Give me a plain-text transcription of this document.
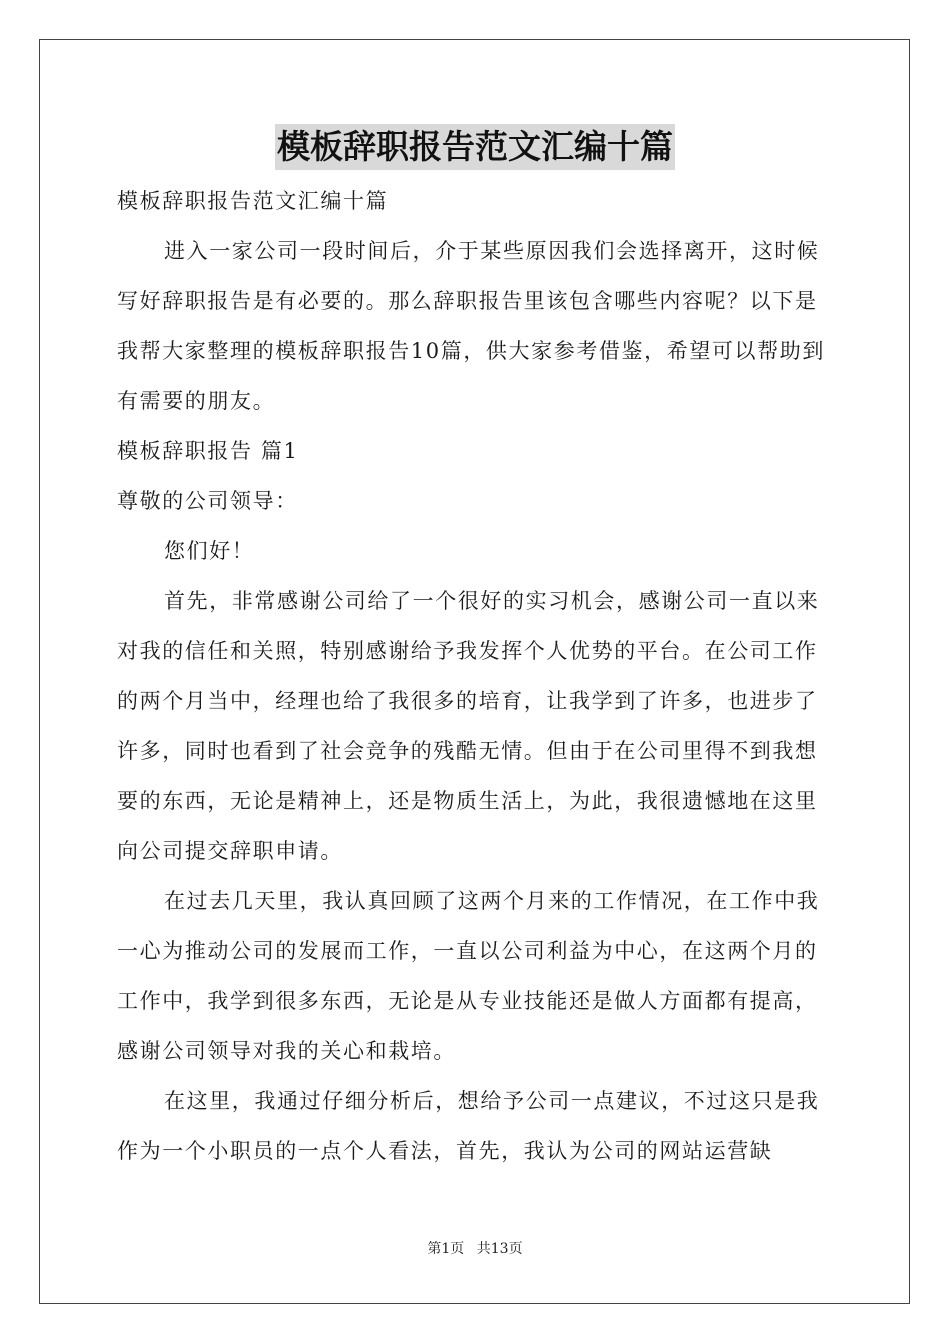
模板辞职报告范文汇编十篇

模板辞职报告范文汇编十篇

进入一家公司一段时间后，介于某些原因我们会选择离开，这时候写好辞职报告是有必要的。那么辞职报告里该包含哪些内容呢？以下是我帮大家整理的模板辞职报告10篇，供大家参考借鉴，希望可以帮助到有需要的朋友。

模板辞职报告 篇1

尊敬的公司领导：

您们好！

首先，非常感谢公司给了一个很好的实习机会，感谢公司一直以来对我的信任和关照，特别感谢给予我发挥个人优势的平台。在公司工作的两个月当中，经理也给了我很多的培育，让我学到了许多，也进步了许多，同时也看到了社会竞争的残酷无情。但由于在公司里得不到我想要的东西，无论是精神上，还是物质生活上，为此，我很遗憾地在这里向公司提交辞职申请。

在过去几天里，我认真回顾了这两个月来的工作情况，在工作中我一心为推动公司的发展而工作，一直以公司利益为中心，在这两个月的工作中，我学到很多东西，无论是从专业技能还是做人方面都有提高，感谢公司领导对我的关心和栽培。

在这里，我通过仔细分析后，想给予公司一点建议，不过这只是我作为一个小职员的一点个人看法，首先，我认为公司的网站运营缺

第1页 共13页
